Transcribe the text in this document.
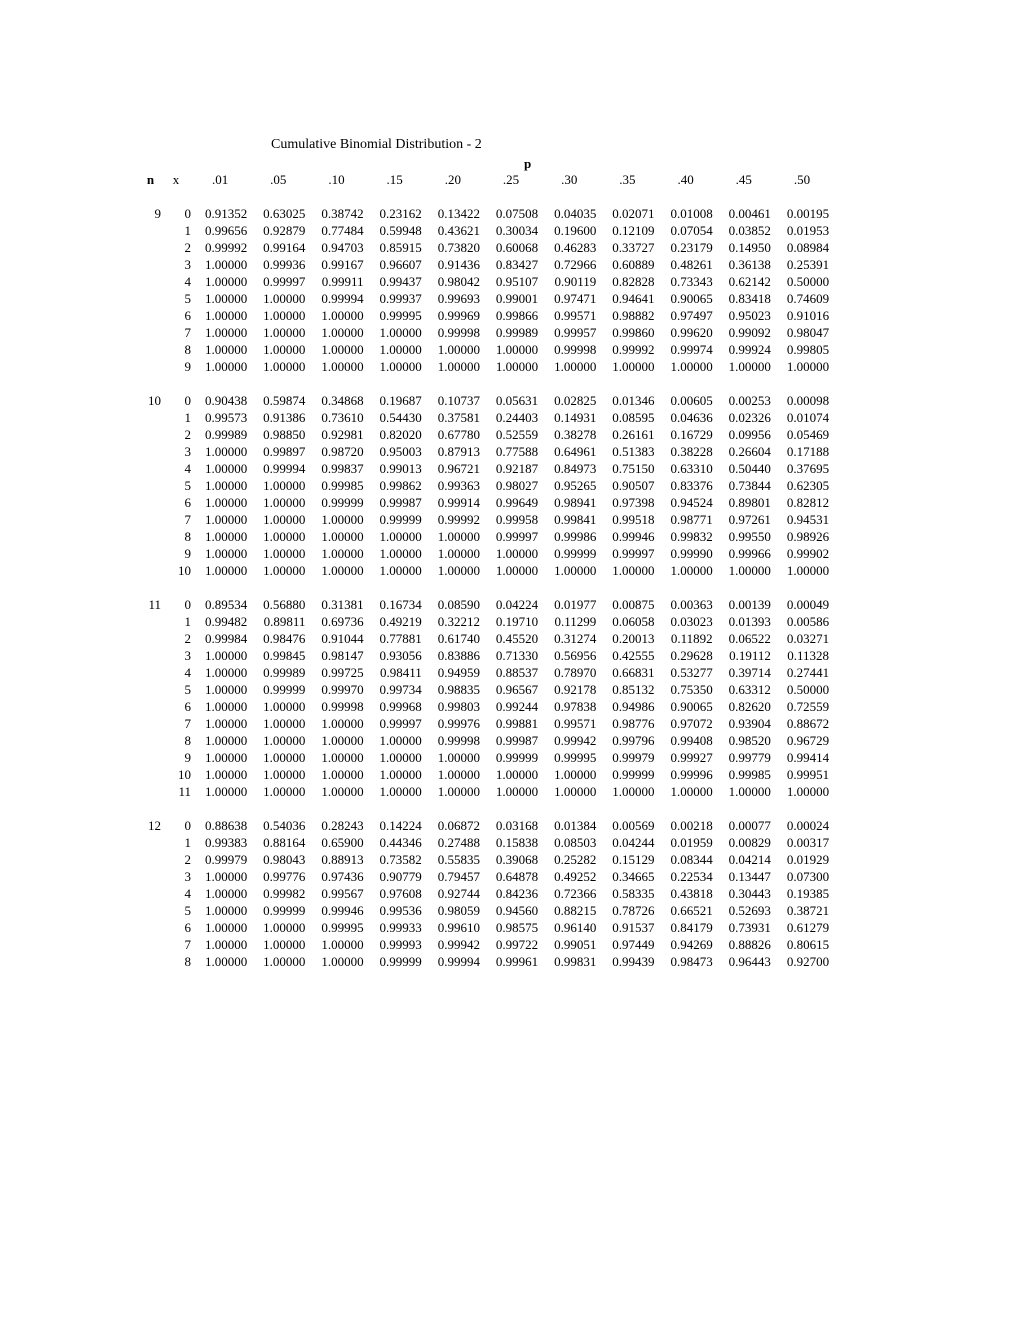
Cumulative Binomial Distribution - 2
p
n	x	.01	.05	.10	.15	.20	.25	.30	.35	.40	.45	.50

9	0	0.91352	0.63025	0.38742	0.23162	0.13422	0.07508	0.04035	0.02071	0.01008	0.00461	0.00195
	1	0.99656	0.92879	0.77484	0.59948	0.43621	0.30034	0.19600	0.12109	0.07054	0.03852	0.01953
	2	0.99992	0.99164	0.94703	0.85915	0.73820	0.60068	0.46283	0.33727	0.23179	0.14950	0.08984
	3	1.00000	0.99936	0.99167	0.96607	0.91436	0.83427	0.72966	0.60889	0.48261	0.36138	0.25391
	4	1.00000	0.99997	0.99911	0.99437	0.98042	0.95107	0.90119	0.82828	0.73343	0.62142	0.50000
	5	1.00000	1.00000	0.99994	0.99937	0.99693	0.99001	0.97471	0.94641	0.90065	0.83418	0.74609
	6	1.00000	1.00000	1.00000	0.99995	0.99969	0.99866	0.99571	0.98882	0.97497	0.95023	0.91016
	7	1.00000	1.00000	1.00000	1.00000	0.99998	0.99989	0.99957	0.99860	0.99620	0.99092	0.98047
	8	1.00000	1.00000	1.00000	1.00000	1.00000	1.00000	0.99998	0.99992	0.99974	0.99924	0.99805
	9	1.00000	1.00000	1.00000	1.00000	1.00000	1.00000	1.00000	1.00000	1.00000	1.00000	1.00000

10	0	0.90438	0.59874	0.34868	0.19687	0.10737	0.05631	0.02825	0.01346	0.00605	0.00253	0.00098
	1	0.99573	0.91386	0.73610	0.54430	0.37581	0.24403	0.14931	0.08595	0.04636	0.02326	0.01074
	2	0.99989	0.98850	0.92981	0.82020	0.67780	0.52559	0.38278	0.26161	0.16729	0.09956	0.05469
	3	1.00000	0.99897	0.98720	0.95003	0.87913	0.77588	0.64961	0.51383	0.38228	0.26604	0.17188
	4	1.00000	0.99994	0.99837	0.99013	0.96721	0.92187	0.84973	0.75150	0.63310	0.50440	0.37695
	5	1.00000	1.00000	0.99985	0.99862	0.99363	0.98027	0.95265	0.90507	0.83376	0.73844	0.62305
	6	1.00000	1.00000	0.99999	0.99987	0.99914	0.99649	0.98941	0.97398	0.94524	0.89801	0.82812
	7	1.00000	1.00000	1.00000	0.99999	0.99992	0.99958	0.99841	0.99518	0.98771	0.97261	0.94531
	8	1.00000	1.00000	1.00000	1.00000	1.00000	0.99997	0.99986	0.99946	0.99832	0.99550	0.98926
	9	1.00000	1.00000	1.00000	1.00000	1.00000	1.00000	0.99999	0.99997	0.99990	0.99966	0.99902
	10	1.00000	1.00000	1.00000	1.00000	1.00000	1.00000	1.00000	1.00000	1.00000	1.00000	1.00000

11	0	0.89534	0.56880	0.31381	0.16734	0.08590	0.04224	0.01977	0.00875	0.00363	0.00139	0.00049
	1	0.99482	0.89811	0.69736	0.49219	0.32212	0.19710	0.11299	0.06058	0.03023	0.01393	0.00586
	2	0.99984	0.98476	0.91044	0.77881	0.61740	0.45520	0.31274	0.20013	0.11892	0.06522	0.03271
	3	1.00000	0.99845	0.98147	0.93056	0.83886	0.71330	0.56956	0.42555	0.29628	0.19112	0.11328
	4	1.00000	0.99989	0.99725	0.98411	0.94959	0.88537	0.78970	0.66831	0.53277	0.39714	0.27441
	5	1.00000	0.99999	0.99970	0.99734	0.98835	0.96567	0.92178	0.85132	0.75350	0.63312	0.50000
	6	1.00000	1.00000	0.99998	0.99968	0.99803	0.99244	0.97838	0.94986	0.90065	0.82620	0.72559
	7	1.00000	1.00000	1.00000	0.99997	0.99976	0.99881	0.99571	0.98776	0.97072	0.93904	0.88672
	8	1.00000	1.00000	1.00000	1.00000	0.99998	0.99987	0.99942	0.99796	0.99408	0.98520	0.96729
	9	1.00000	1.00000	1.00000	1.00000	1.00000	0.99999	0.99995	0.99979	0.99927	0.99779	0.99414
	10	1.00000	1.00000	1.00000	1.00000	1.00000	1.00000	1.00000	0.99999	0.99996	0.99985	0.99951
	11	1.00000	1.00000	1.00000	1.00000	1.00000	1.00000	1.00000	1.00000	1.00000	1.00000	1.00000

12	0	0.88638	0.54036	0.28243	0.14224	0.06872	0.03168	0.01384	0.00569	0.00218	0.00077	0.00024
	1	0.99383	0.88164	0.65900	0.44346	0.27488	0.15838	0.08503	0.04244	0.01959	0.00829	0.00317
	2	0.99979	0.98043	0.88913	0.73582	0.55835	0.39068	0.25282	0.15129	0.08344	0.04214	0.01929
	3	1.00000	0.99776	0.97436	0.90779	0.79457	0.64878	0.49252	0.34665	0.22534	0.13447	0.07300
	4	1.00000	0.99982	0.99567	0.97608	0.92744	0.84236	0.72366	0.58335	0.43818	0.30443	0.19385
	5	1.00000	0.99999	0.99946	0.99536	0.98059	0.94560	0.88215	0.78726	0.66521	0.52693	0.38721
	6	1.00000	1.00000	0.99995	0.99933	0.99610	0.98575	0.96140	0.91537	0.84179	0.73931	0.61279
	7	1.00000	1.00000	1.00000	0.99993	0.99942	0.99722	0.99051	0.97449	0.94269	0.88826	0.80615
	8	1.00000	1.00000	1.00000	0.99999	0.99994	0.99961	0.99831	0.99439	0.98473	0.96443	0.92700
